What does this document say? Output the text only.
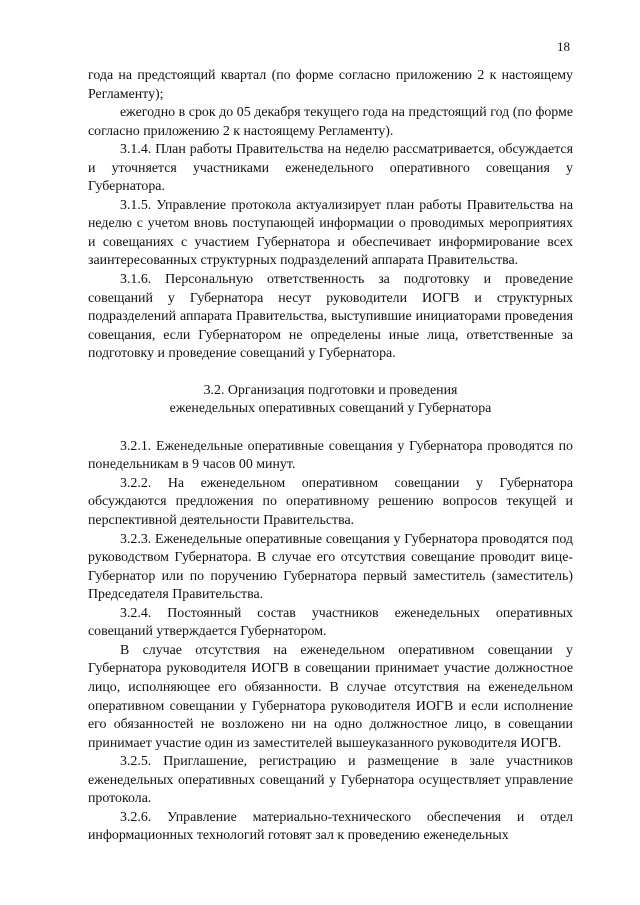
18

года на предстоящий квартал (по форме согласно приложению 2 к настоящему Регламенту);

ежегодно в срок до 05 декабря текущего года на предстоящий год (по форме согласно приложению 2 к настоящему Регламенту).

3.1.4. План работы Правительства на неделю рассматривается, обсуждается и уточняется участниками еженедельного оперативного совещания у Губернатора.

3.1.5. Управление протокола актуализирует план работы Правительства на неделю с учетом вновь поступающей информации о проводимых мероприятиях и совещаниях с участием Губернатора и обеспечивает информирование всех заинтересованных структурных подразделений аппарата Правительства.

3.1.6. Персональную ответственность за подготовку и проведение совещаний у Губернатора несут руководители ИОГВ и структурных подразделений аппарата Правительства, выступившие инициаторами проведения совещания, если Губернатором не определены иные лица, ответственные за подготовку и проведение совещаний у Губернатора.

3.2. Организация подготовки и проведения
еженедельных оперативных совещаний у Губернатора

3.2.1. Еженедельные оперативные совещания у Губернатора проводятся по понедельникам в 9 часов 00 минут.

3.2.2. На еженедельном оперативном совещании у Губернатора обсуждаются предложения по оперативному решению вопросов текущей и перспективной деятельности Правительства.

3.2.3. Еженедельные оперативные совещания у Губернатора проводятся под руководством Губернатора. В случае его отсутствия совещание проводит вице-Губернатор или по поручению Губернатора первый заместитель (заместитель) Председателя Правительства.

3.2.4. Постоянный состав участников еженедельных оперативных совещаний утверждается Губернатором.

В случае отсутствия на еженедельном оперативном совещании у Губернатора руководителя ИОГВ в совещании принимает участие должностное лицо, исполняющее его обязанности. В случае отсутствия на еженедельном оперативном совещании у Губернатора руководителя ИОГВ и если исполнение его обязанностей не возложено ни на одно должностное лицо, в совещании принимает участие один из заместителей вышеуказанного руководителя ИОГВ.

3.2.5. Приглашение, регистрацию и размещение в зале участников еженедельных оперативных совещаний у Губернатора осуществляет управление протокола.

3.2.6. Управление материально-технического обеспечения и отдел информационных технологий готовят зал к проведению еженедельных
